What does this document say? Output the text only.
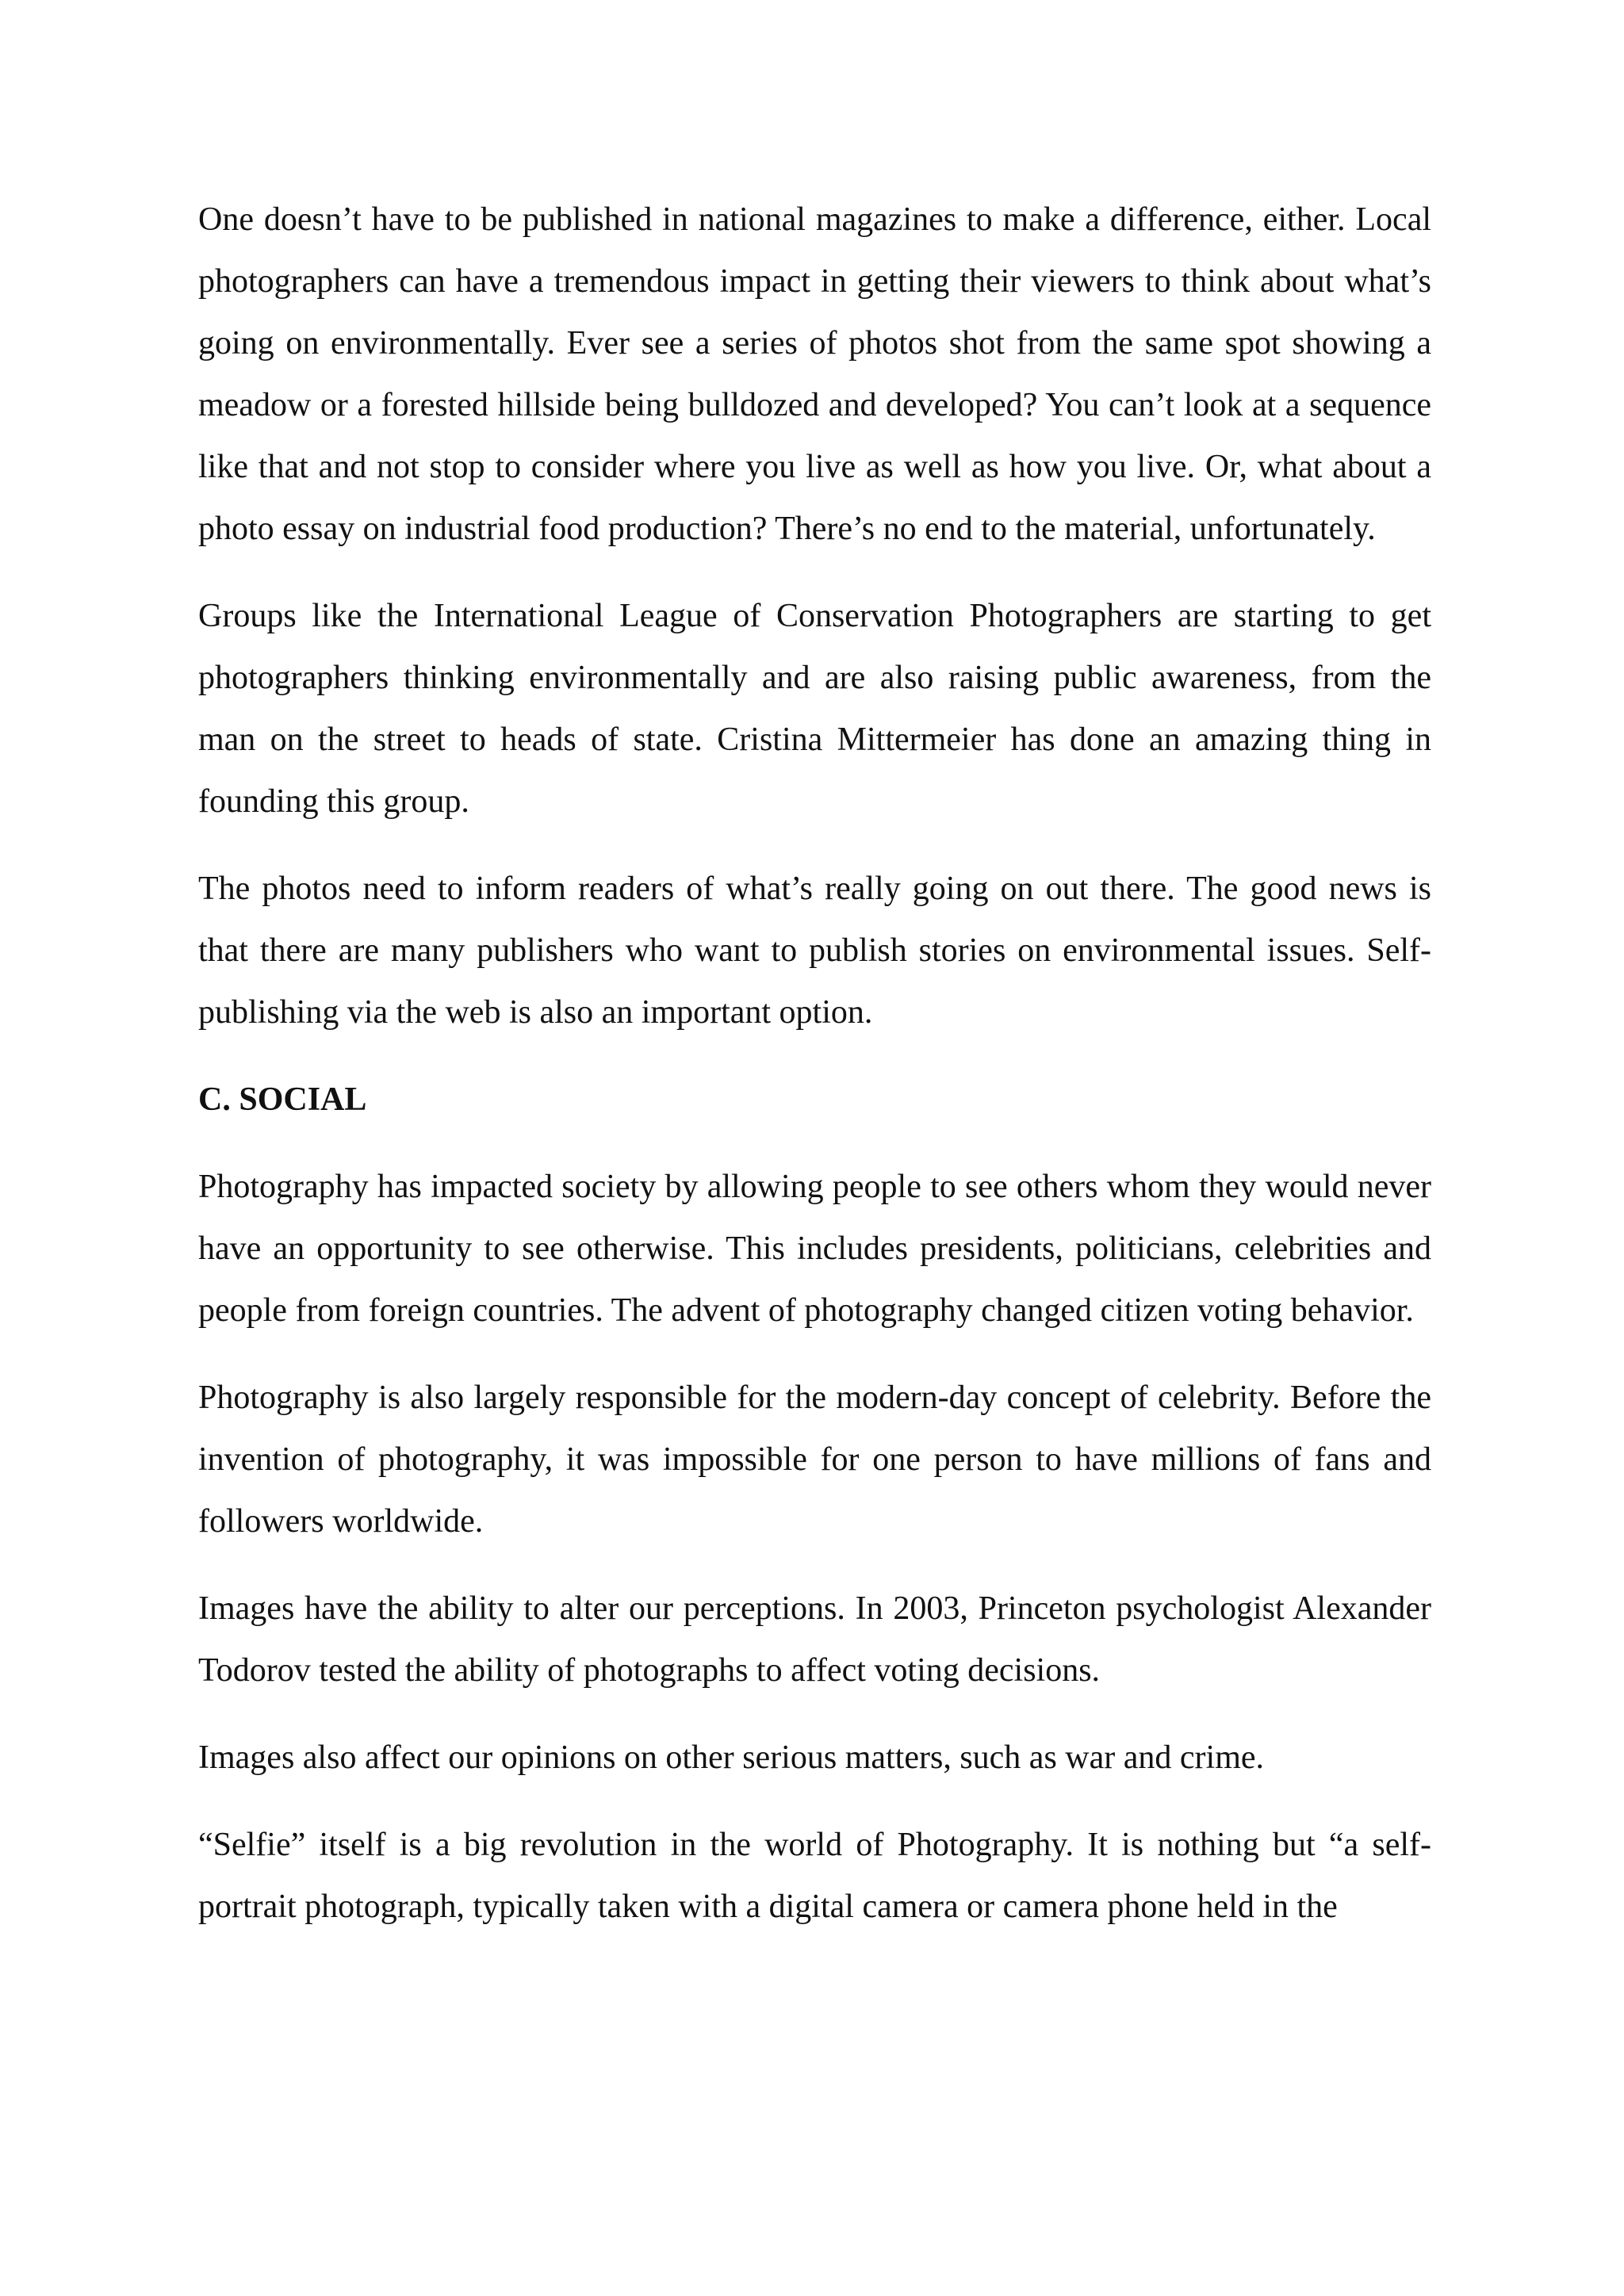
One doesn’t have to be published in national magazines to make a difference, either. Local photographers can have a tremendous impact in getting their viewers to think about what’s going on environmentally. Ever see a series of photos shot from the same spot showing a meadow or a forested hillside being bulldozed and developed? You can’t look at a sequence like that and not stop to consider where you live as well as how you live. Or, what about a photo essay on industrial food production? There’s no end to the material, unfortunately.

Groups like the International League of Conservation Photographers are starting to get photographers thinking environmentally and are also raising public awareness, from the man on the street to heads of state. Cristina Mittermeier has done an amazing thing in founding this group.

The photos need to inform readers of what’s really going on out there. The good news is that there are many publishers who want to publish stories on environmental issues. Self-publishing via the web is also an important option.

C. SOCIAL

Photography has impacted society by allowing people to see others whom they would never have an opportunity to see otherwise. This includes presidents, politicians, celebrities and people from foreign countries. The advent of photography changed citizen voting behavior.

Photography is also largely responsible for the modern-day concept of celebrity. Before the invention of photography, it was impossible for one person to have millions of fans and followers worldwide.

Images have the ability to alter our perceptions. In 2003, Princeton psychologist Alexander Todorov tested the ability of photographs to affect voting decisions.

Images also affect our opinions on other serious matters, such as war and crime.

“Selfie” itself is a big revolution in the world of Photography. It is nothing but “a self-portrait photograph, typically taken with a digital camera or camera phone held in the
